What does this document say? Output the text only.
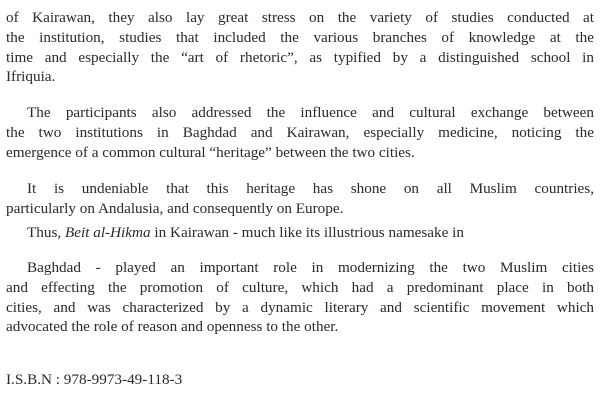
of Kairawan, they also lay great stress on the variety of studies conducted at
the institution, studies that included the various branches of knowledge at the
time and especially the “art of rhetoric”, as typified by a distinguished school in
Ifriquia.
The participants also addressed the influence and cultural exchange between
the two institutions in Baghdad and Kairawan, especially medicine, noticing the
emergence of a common cultural “heritage” between the two cities.
It is undeniable that this heritage has shone on all Muslim countries,
particularly on Andalusia, and consequently on Europe.
Thus, Beit al-Hikma in Kairawan - much like its illustrious namesake in
Baghdad - played an important role in modernizing the two Muslim cities
and effecting the promotion of culture, which had a predominant place in both
cities, and was characterized by a dynamic literary and scientific movement which
advocated the role of reason and openness to the other.
I.S.B.N : 978-9973-49-118-3
